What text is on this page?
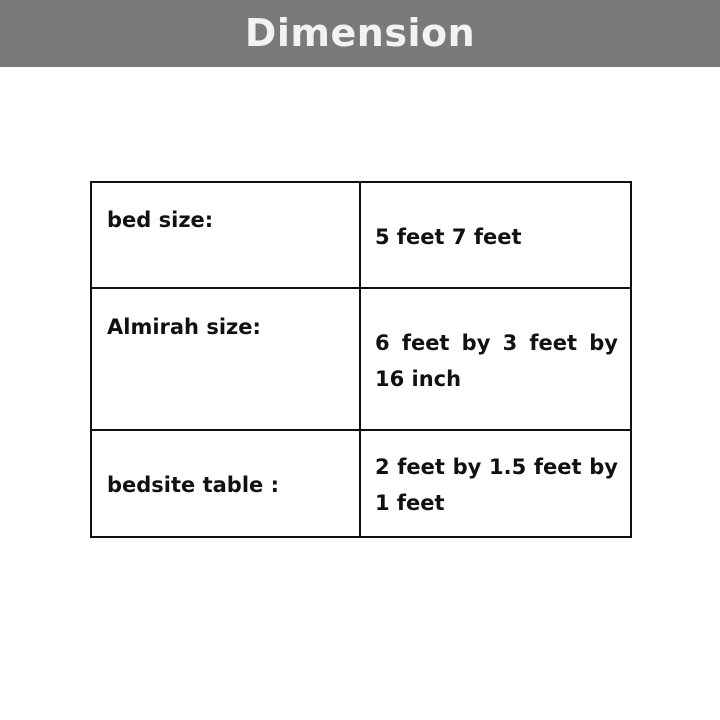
Dimension
bed size:	5 feet 7 feet

Almirah size:	6 feet by 3 feet by 16 inch

bedsite table :	2 feet by 1.5 feet by 1 feet
